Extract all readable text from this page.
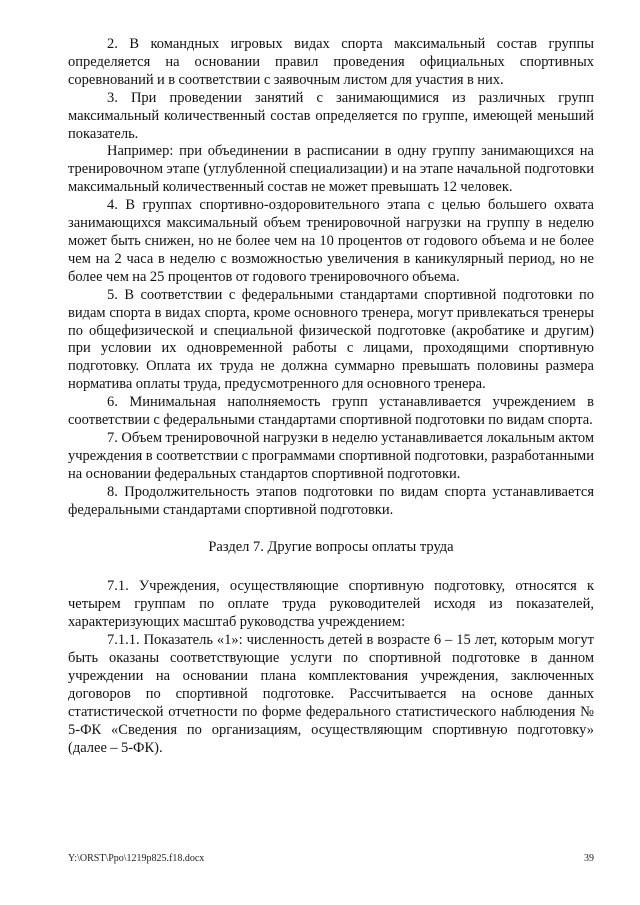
2. В командных игровых видах спорта максимальный состав группы определяется на основании правил проведения официальных спортивных соревнований и в соответствии с заявочным листом для участия в них.

3. При проведении занятий с занимающимися из различных групп максимальный количественный состав определяется по группе, имеющей меньший показатель.

Например: при объединении в расписании в одну группу занимающихся на тренировочном этапе (углубленной специализации) и на этапе начальной подготовки максимальный количественный состав не может превышать 12 человек.

4. В группах спортивно-оздоровительного этапа с целью большего охвата занимающихся максимальный объем тренировочной нагрузки на группу в неделю может быть снижен, но не более чем на 10 процентов от годового объема и не более чем на 2 часа в неделю с возможностью увеличения в каникулярный период, но не более чем на 25 процентов от годового тренировочного объема.

5. В соответствии с федеральными стандартами спортивной подготовки по видам спорта в видах спорта, кроме основного тренера, могут привлекаться тренеры по общефизической и специальной физической подготовке (акробатике и другим) при условии их одновременной работы с лицами, проходящими спортивную подготовку. Оплата их труда не должна суммарно превышать половины размера норматива оплаты труда, предусмотренного для основного тренера.

6. Минимальная наполняемость групп устанавливается учреждением в соответствии с федеральными стандартами спортивной подготовки по видам спорта.

7. Объем тренировочной нагрузки в неделю устанавливается локальным актом учреждения в соответствии с программами спортивной подготовки, разработанными на основании федеральных стандартов спортивной подготовки.

8. Продолжительность этапов подготовки по видам спорта устанавливается федеральными стандартами спортивной подготовки.

Раздел 7. Другие вопросы оплаты труда

7.1. Учреждения, осуществляющие спортивную подготовку, относятся к четырем группам по оплате труда руководителей исходя из показателей, характеризующих масштаб руководства учреждением:

7.1.1. Показатель «1»: численность детей в возрасте 6 – 15 лет, которым могут быть оказаны соответствующие услуги по спортивной подготовке в данном учреждении на основании плана комплектования учреждения, заключенных договоров по спортивной подготовке. Рассчитывается на основе данных статистической отчетности по форме федерального статистического наблюдения № 5-ФК «Сведения по организациям, осуществляющим спортивную подготовку» (далее – 5-ФК).

Y:\ORST\Ppo\1219p825.f18.docx	39
